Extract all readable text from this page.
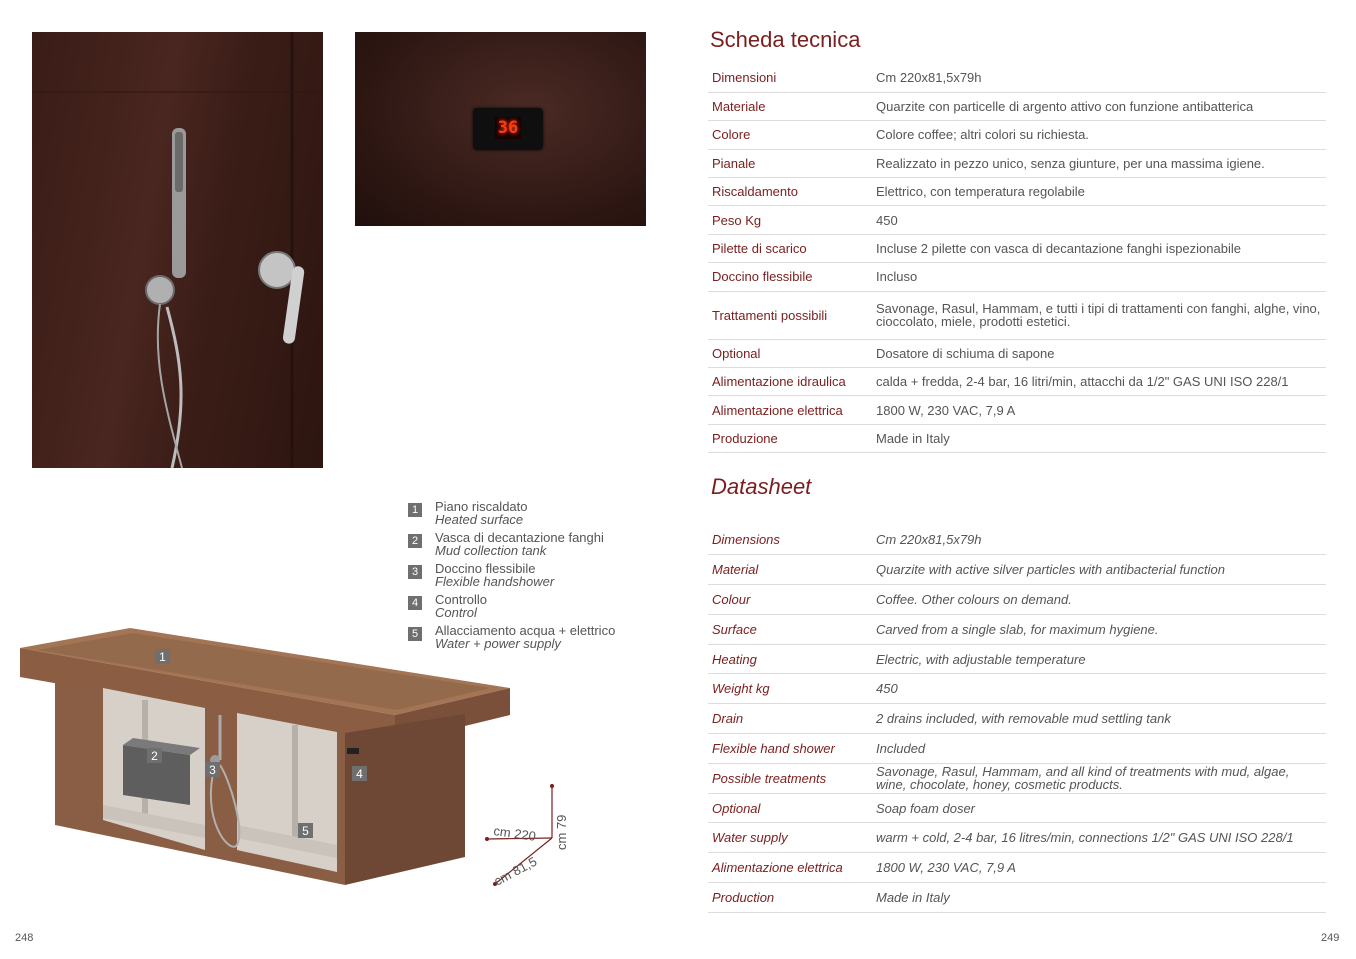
36
1
2
3	4
5	cm 79
cm 220
cm 81,5
1	Piano riscaldato
Heated surface
2	Vasca di decantazione fanghi
Mud collection tank
3	Doccino flessibile
Flexible handshower
4	Controllo
Control
5	Allacciamento acqua + elettrico
Water + power supply
Scheda tecnica
Dimensioni	Cm 220x81,5x79h
Materiale	Quarzite con particelle di argento attivo con funzione antibatterica
Colore	Colore coffee; altri colori su richiesta.
Pianale	Realizzato in pezzo unico, senza giunture, per una massima igiene.
Riscaldamento	Elettrico, con temperatura regolabile
Peso Kg	450
Pilette di scarico	Incluse 2 pilette con vasca di decantazione fanghi ispezionabile
Doccino flessibile	Incluso
Trattamenti possibili	Savonage, Rasul, Hammam, e tutti i tipi di trattamenti con fanghi, alghe, vino, cioccolato, miele, prodotti estetici.
Optional	Dosatore di schiuma di sapone
Alimentazione idraulica	calda + fredda, 2-4 bar, 16 litri/min, attacchi da 1/2" GAS UNI ISO 228/1
Alimentazione elettrica	1800 W, 230 VAC, 7,9 A
Produzione	Made in Italy
Datasheet
Dimensions	Cm 220x81,5x79h
Material	Quarzite with active silver particles with antibacterial function
Colour	Coffee. Other colours on demand.
Surface	Carved from a single slab, for maximum hygiene.
Heating	Electric, with adjustable temperature
Weight kg	450
Drain	2 drains included, with removable mud settling tank
Flexible hand shower	Included
Possible treatments	Savonage, Rasul, Hammam, and all kind of treatments with mud, algae, wine, chocolate, honey, cosmetic products.
Optional	Soap foam doser
Water supply	warm + cold, 2-4 bar, 16 litres/min, connections 1/2" GAS UNI ISO 228/1
Alimentazione elettrica	1800 W, 230 VAC, 7,9 A
Production	Made in Italy
248	249
